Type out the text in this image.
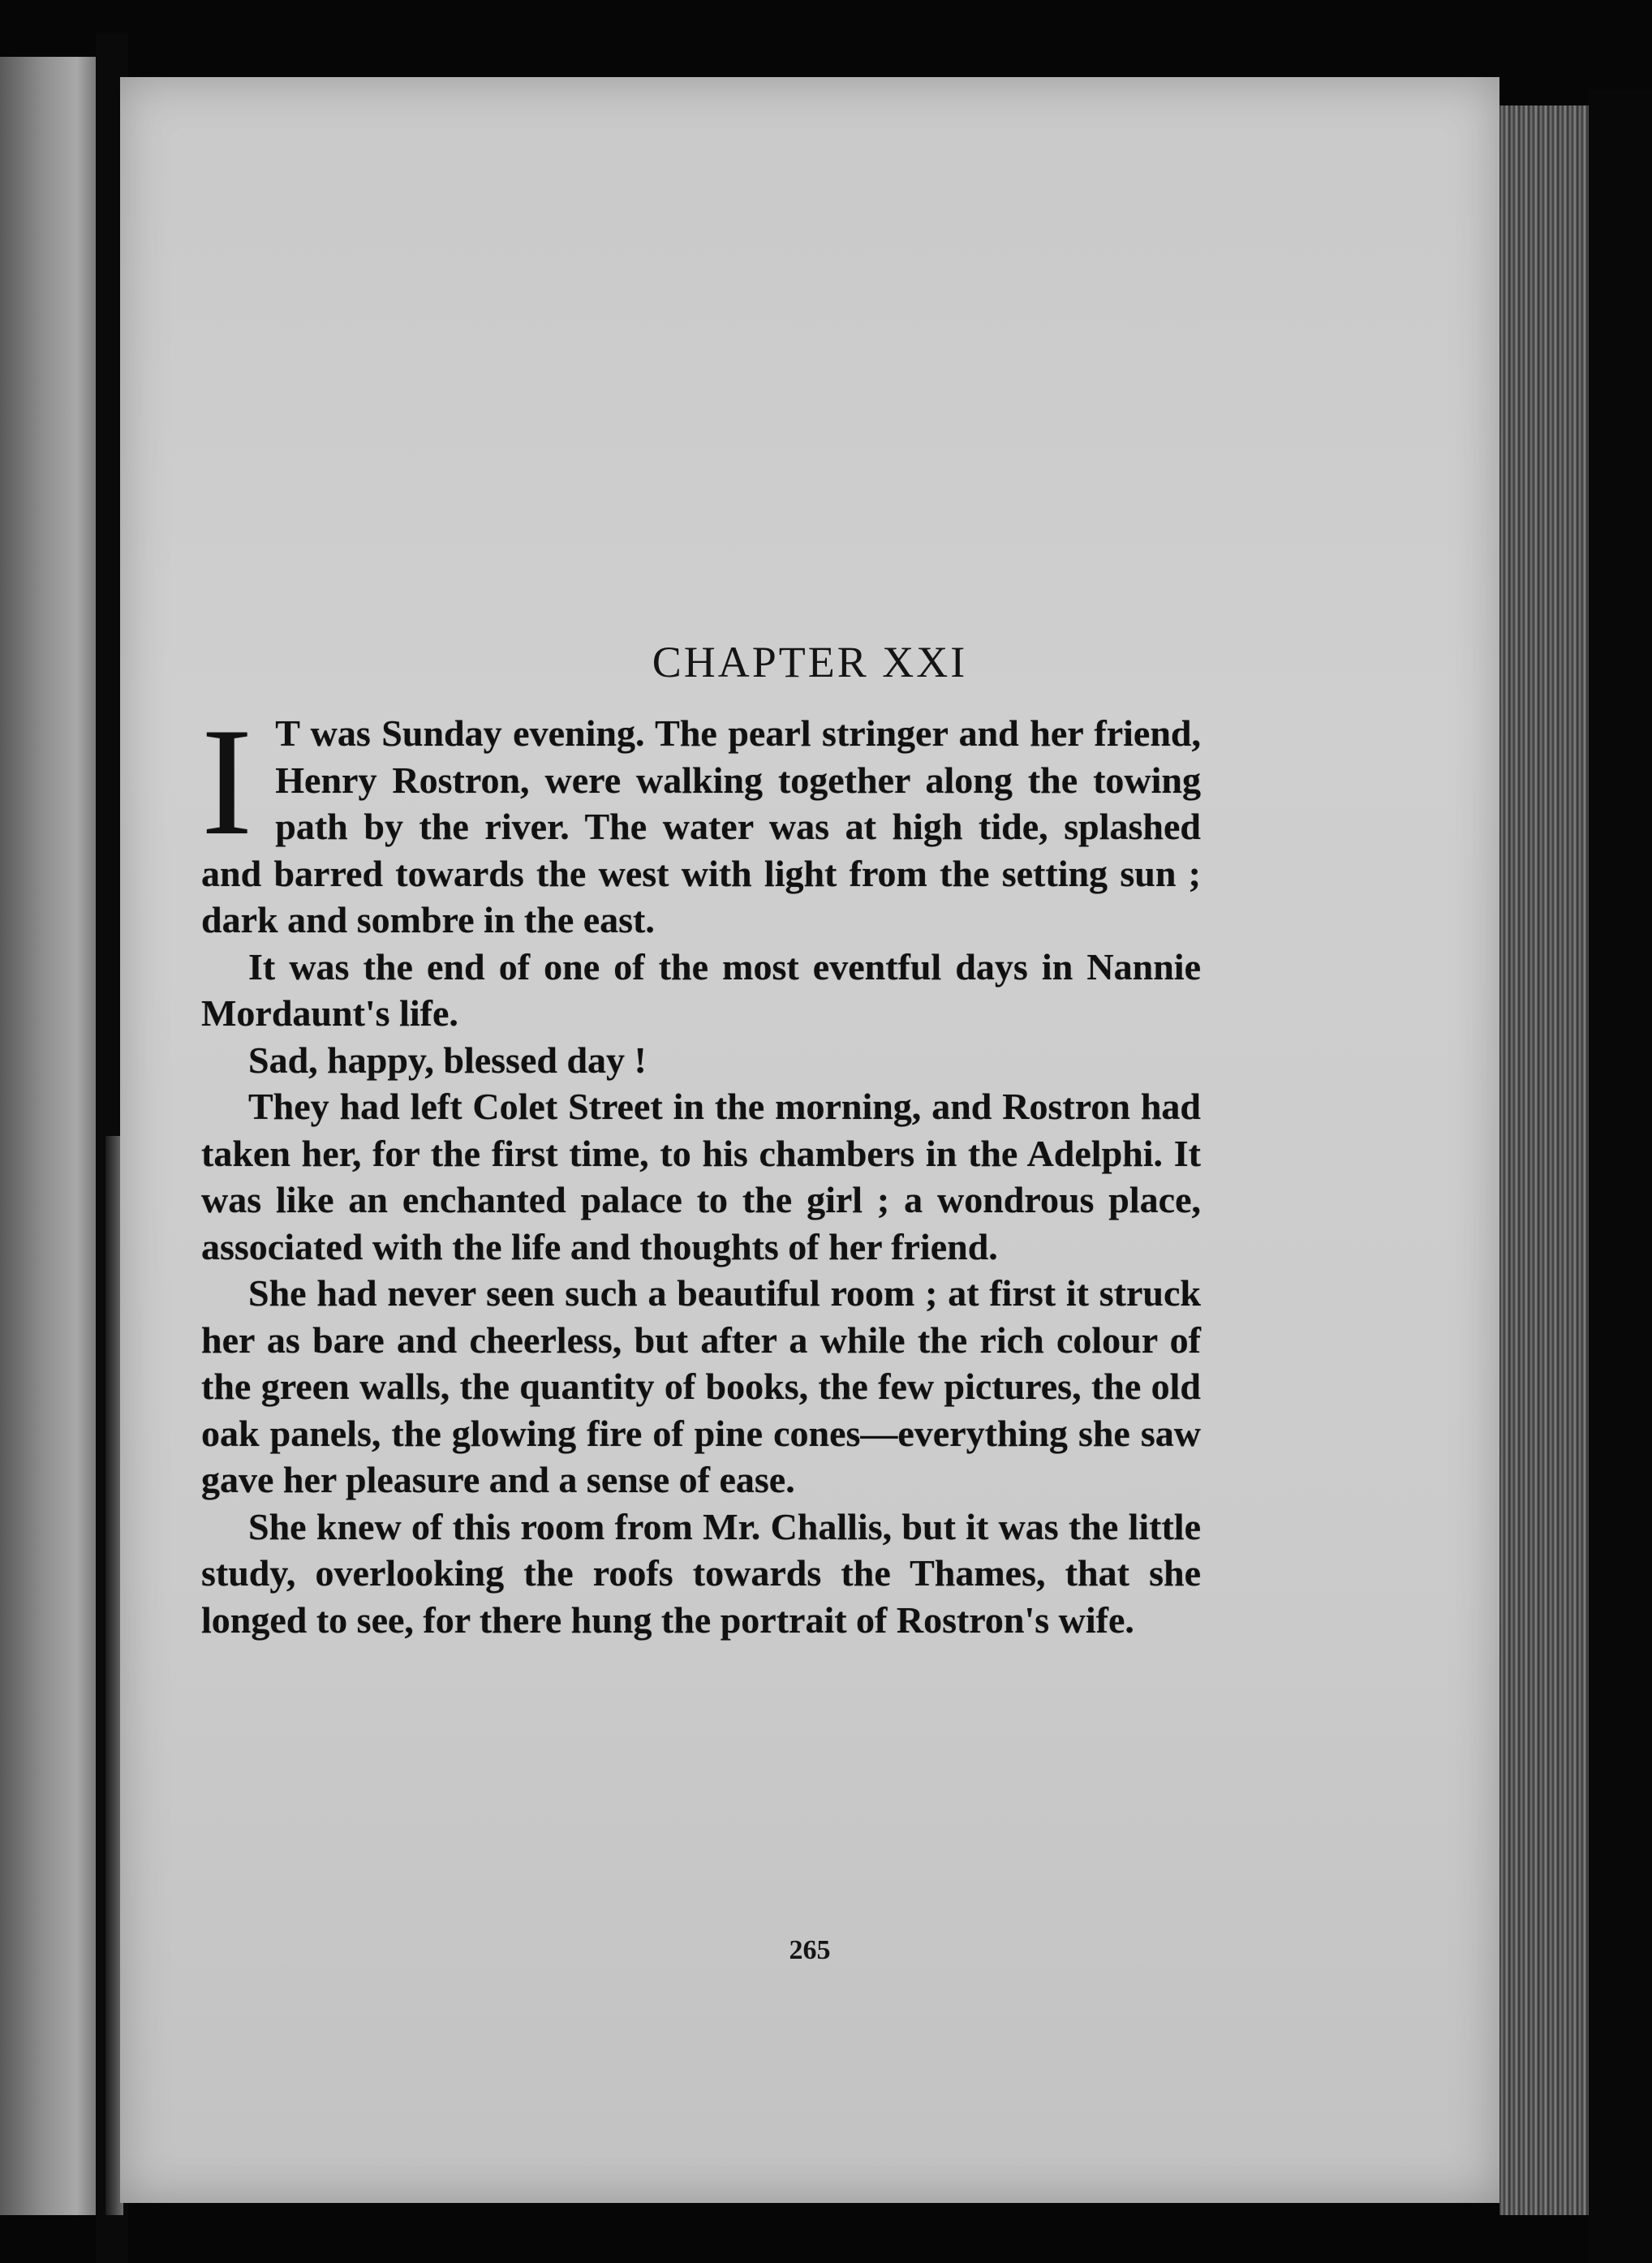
CHAPTER XXI

I T was Sunday evening. The pearl stringer and her friend, Henry Rostron, were walking together along the towing path by the river. The water was at high tide, splashed and barred towards the west with light from the setting sun ; dark and sombre in the east.

It was the end of one of the most eventful days in Nannie Mordaunt's life.

Sad, happy, blessed day !

They had left Colet Street in the morning, and Rostron had taken her, for the first time, to his chambers in the Adelphi. It was like an enchanted palace to the girl ; a wondrous place, associated with the life and thoughts of her friend.

She had never seen such a beautiful room ; at first it struck her as bare and cheerless, but after a while the rich colour of the green walls, the quantity of books, the few pictures, the old oak panels, the glowing fire of pine cones—everything she saw gave her pleasure and a sense of ease.

She knew of this room from Mr. Challis, but it was the little study, overlooking the roofs towards the Thames, that she longed to see, for there hung the portrait of Rostron's wife.

265
